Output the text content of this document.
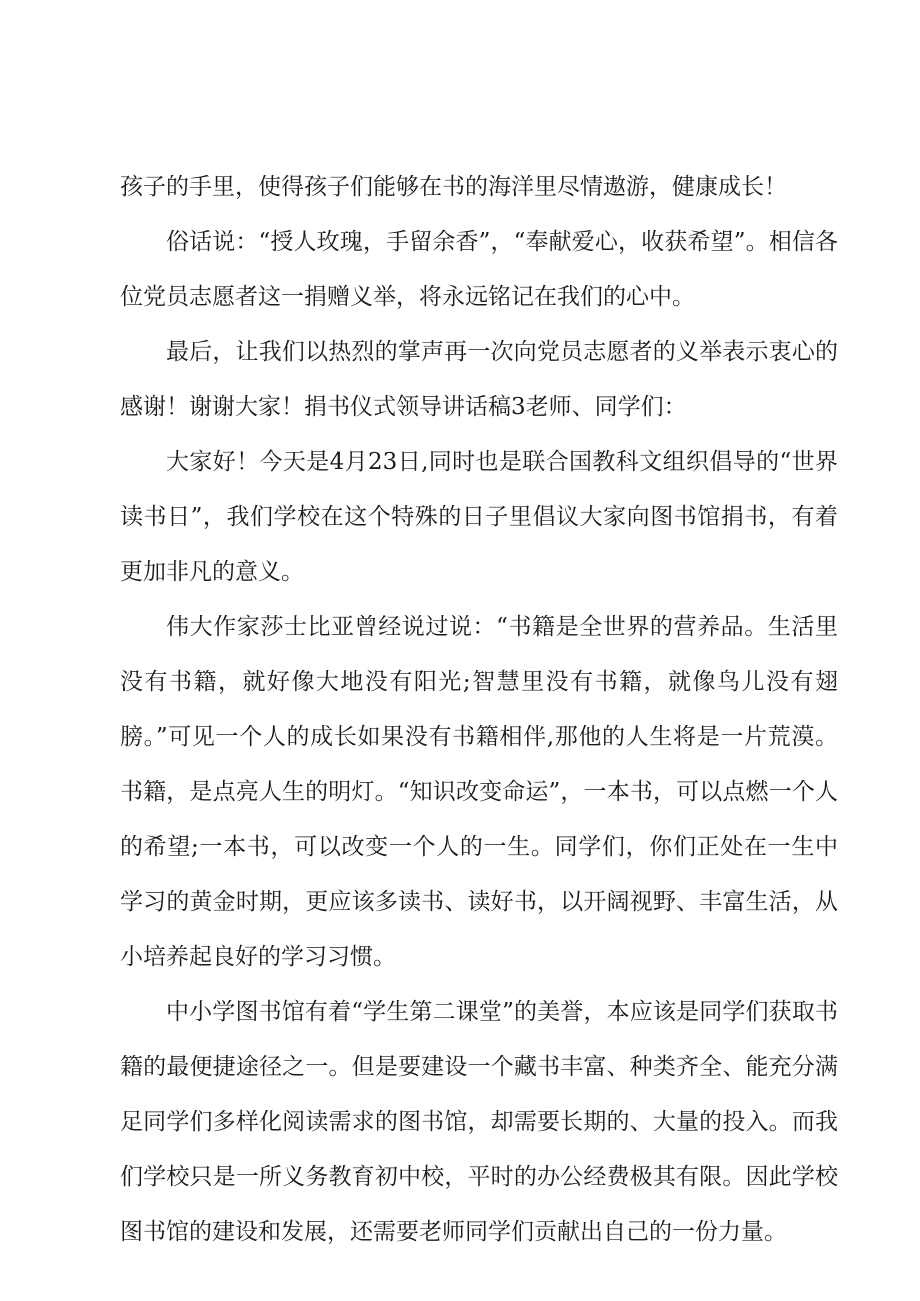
孩子的手里，使得孩子们能够在书的海洋里尽情遨游，健康成长！

俗话说：“授人玫瑰，手留余香”，“奉献爱心，收获希望”。相信各位党员志愿者这一捐赠义举，将永远铭记在我们的心中。

最后，让我们以热烈的掌声再一次向党员志愿者的义举表示衷心的感谢！谢谢大家！捐书仪式领导讲话稿3老师、同学们：

大家好！今天是4月23日,同时也是联合国教科文组织倡导的“世界读书日”，我们学校在这个特殊的日子里倡议大家向图书馆捐书，有着更加非凡的意义。

伟大作家莎士比亚曾经说过说：“书籍是全世界的营养品。生活里没有书籍，就好像大地没有阳光;智慧里没有书籍，就像鸟儿没有翅膀。”可见一个人的成长如果没有书籍相伴,那他的人生将是一片荒漠。书籍，是点亮人生的明灯。“知识改变命运”，一本书，可以点燃一个人的希望;一本书，可以改变一个人的一生。同学们，你们正处在一生中学习的黄金时期，更应该多读书、读好书，以开阔视野、丰富生活，从小培养起良好的学习习惯。

中小学图书馆有着“学生第二课堂”的美誉，本应该是同学们获取书籍的最便捷途径之一。但是要建设一个藏书丰富、种类齐全、能充分满足同学们多样化阅读需求的图书馆，却需要长期的、大量的投入。而我们学校只是一所义务教育初中校，平时的办公经费极其有限。因此学校图书馆的建设和发展，还需要老师同学们贡献出自己的一份力量。
